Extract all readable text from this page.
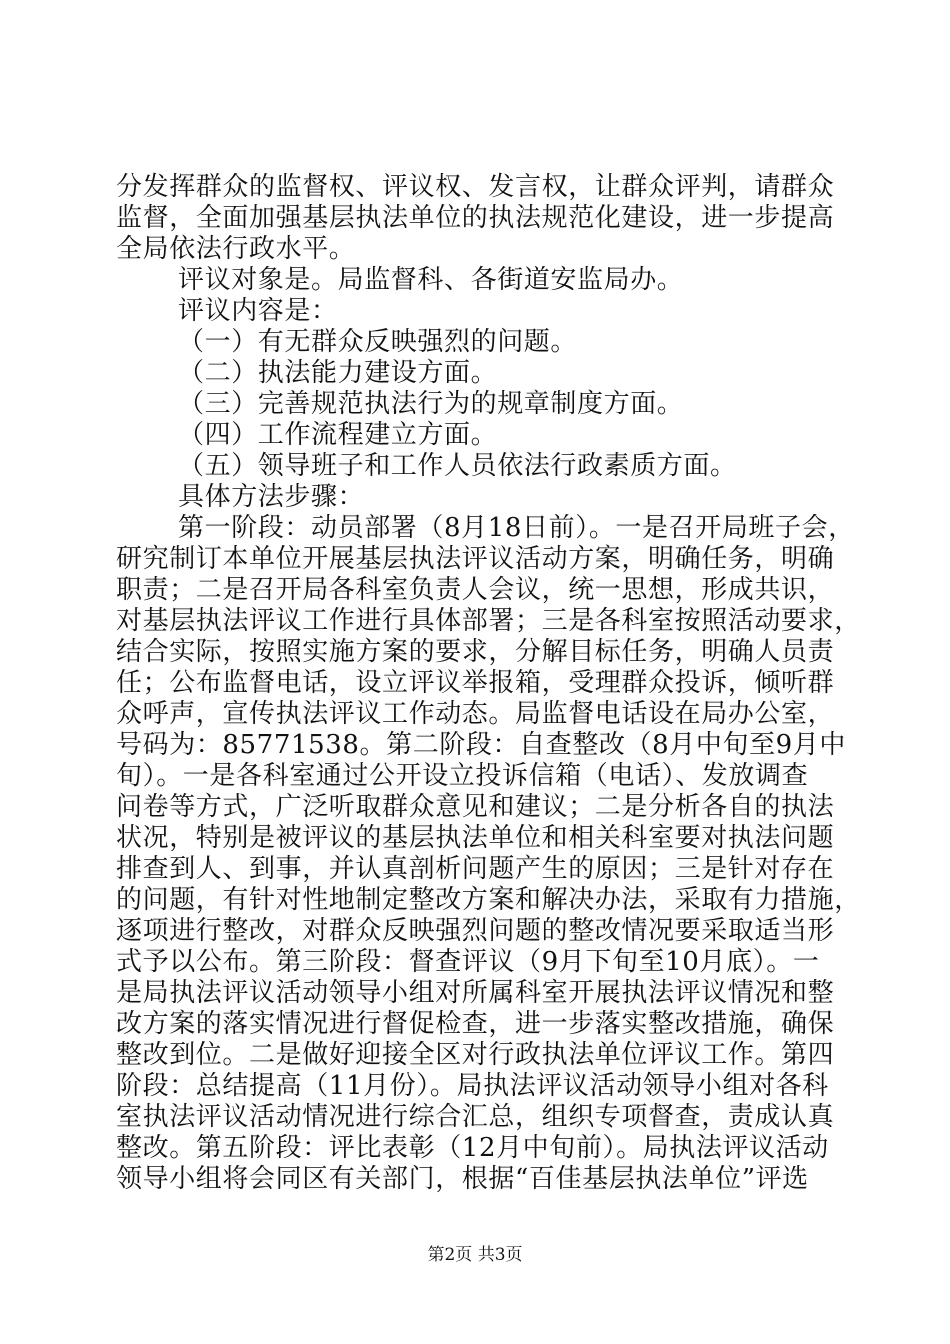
分发挥群众的监督权、评议权、发言权，让群众评判，请群众
监督，全面加强基层执法单位的执法规范化建设，进一步提高
全局依法行政水平。
评议对象是。局监督科、各街道安监局办。
评议内容是：
（一）有无群众反映强烈的问题。
（二）执法能力建设方面。
（三）完善规范执法行为的规章制度方面。
（四）工作流程建立方面。
（五）领导班子和工作人员依法行政素质方面。
具体方法步骤：
第一阶段：动员部署（8月18日前）。一是召开局班子会，
研究制订本单位开展基层执法评议活动方案，明确任务，明确
职责；二是召开局各科室负责人会议，统一思想，形成共识，
对基层执法评议工作进行具体部署；三是各科室按照活动要求，
结合实际，按照实施方案的要求，分解目标任务，明确人员责
任；公布监督电话，设立评议举报箱，受理群众投诉，倾听群
众呼声，宣传执法评议工作动态。局监督电话设在局办公室，
号码为：85771538。第二阶段：自查整改（8月中旬至9月中
旬）。一是各科室通过公开设立投诉信箱（电话）、发放调查
问卷等方式，广泛听取群众意见和建议；二是分析各自的执法
状况，特别是被评议的基层执法单位和相关科室要对执法问题
排查到人、到事，并认真剖析问题产生的原因；三是针对存在
的问题，有针对性地制定整改方案和解决办法，采取有力措施，
逐项进行整改，对群众反映强烈问题的整改情况要采取适当形
式予以公布。第三阶段：督查评议（9月下旬至10月底）。一
是局执法评议活动领导小组对所属科室开展执法评议情况和整
改方案的落实情况进行督促检查，进一步落实整改措施，确保
整改到位。二是做好迎接全区对行政执法单位评议工作。第四
阶段：总结提高（11月份）。局执法评议活动领导小组对各科
室执法评议活动情况进行综合汇总，组织专项督查，责成认真
整改。第五阶段：评比表彰（12月中旬前）。局执法评议活动
领导小组将会同区有关部门，根据“百佳基层执法单位”评选
第2页 共3页
